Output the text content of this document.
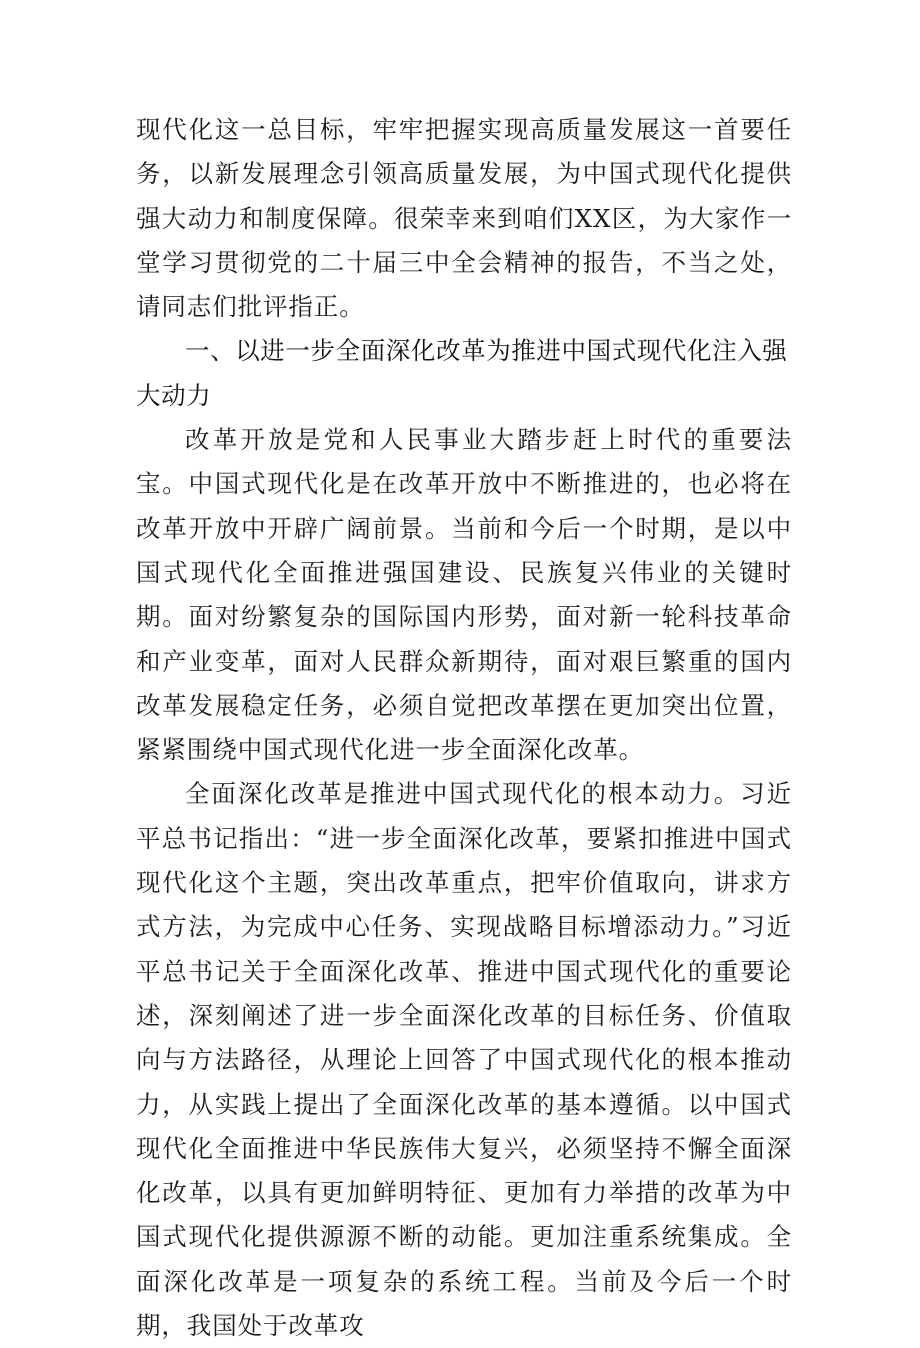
现代化这一总目标，牢牢把握实现高质量发展这一首要任务，以新发展理念引领高质量发展，为中国式现代化提供强大动力和制度保障。很荣幸来到咱们XX区，为大家作一堂学习贯彻党的二十届三中全会精神的报告，不当之处，请同志们批评指正。

一、以进一步全面深化改革为推进中国式现代化注入强大动力

改革开放是党和人民事业大踏步赶上时代的重要法宝。中国式现代化是在改革开放中不断推进的，也必将在改革开放中开辟广阔前景。当前和今后一个时期，是以中国式现代化全面推进强国建设、民族复兴伟业的关键时期。面对纷繁复杂的国际国内形势，面对新一轮科技革命和产业变革，面对人民群众新期待，面对艰巨繁重的国内改革发展稳定任务，必须自觉把改革摆在更加突出位置，紧紧围绕中国式现代化进一步全面深化改革。

全面深化改革是推进中国式现代化的根本动力。习近平总书记指出：“进一步全面深化改革，要紧扣推进中国式现代化这个主题，突出改革重点，把牢价值取向，讲求方式方法，为完成中心任务、实现战略目标增添动力。”习近平总书记关于全面深化改革、推进中国式现代化的重要论述，深刻阐述了进一步全面深化改革的目标任务、价值取向与方法路径，从理论上回答了中国式现代化的根本推动力，从实践上提出了全面深化改革的基本遵循。以中国式现代化全面推进中华民族伟大复兴，必须坚持不懈全面深化改革，以具有更加鲜明特征、更加有力举措的改革为中国式现代化提供源源不断的动能。更加注重系统集成。全面深化改革是一项复杂的系统工程。当前及今后一个时期，我国处于改革攻
